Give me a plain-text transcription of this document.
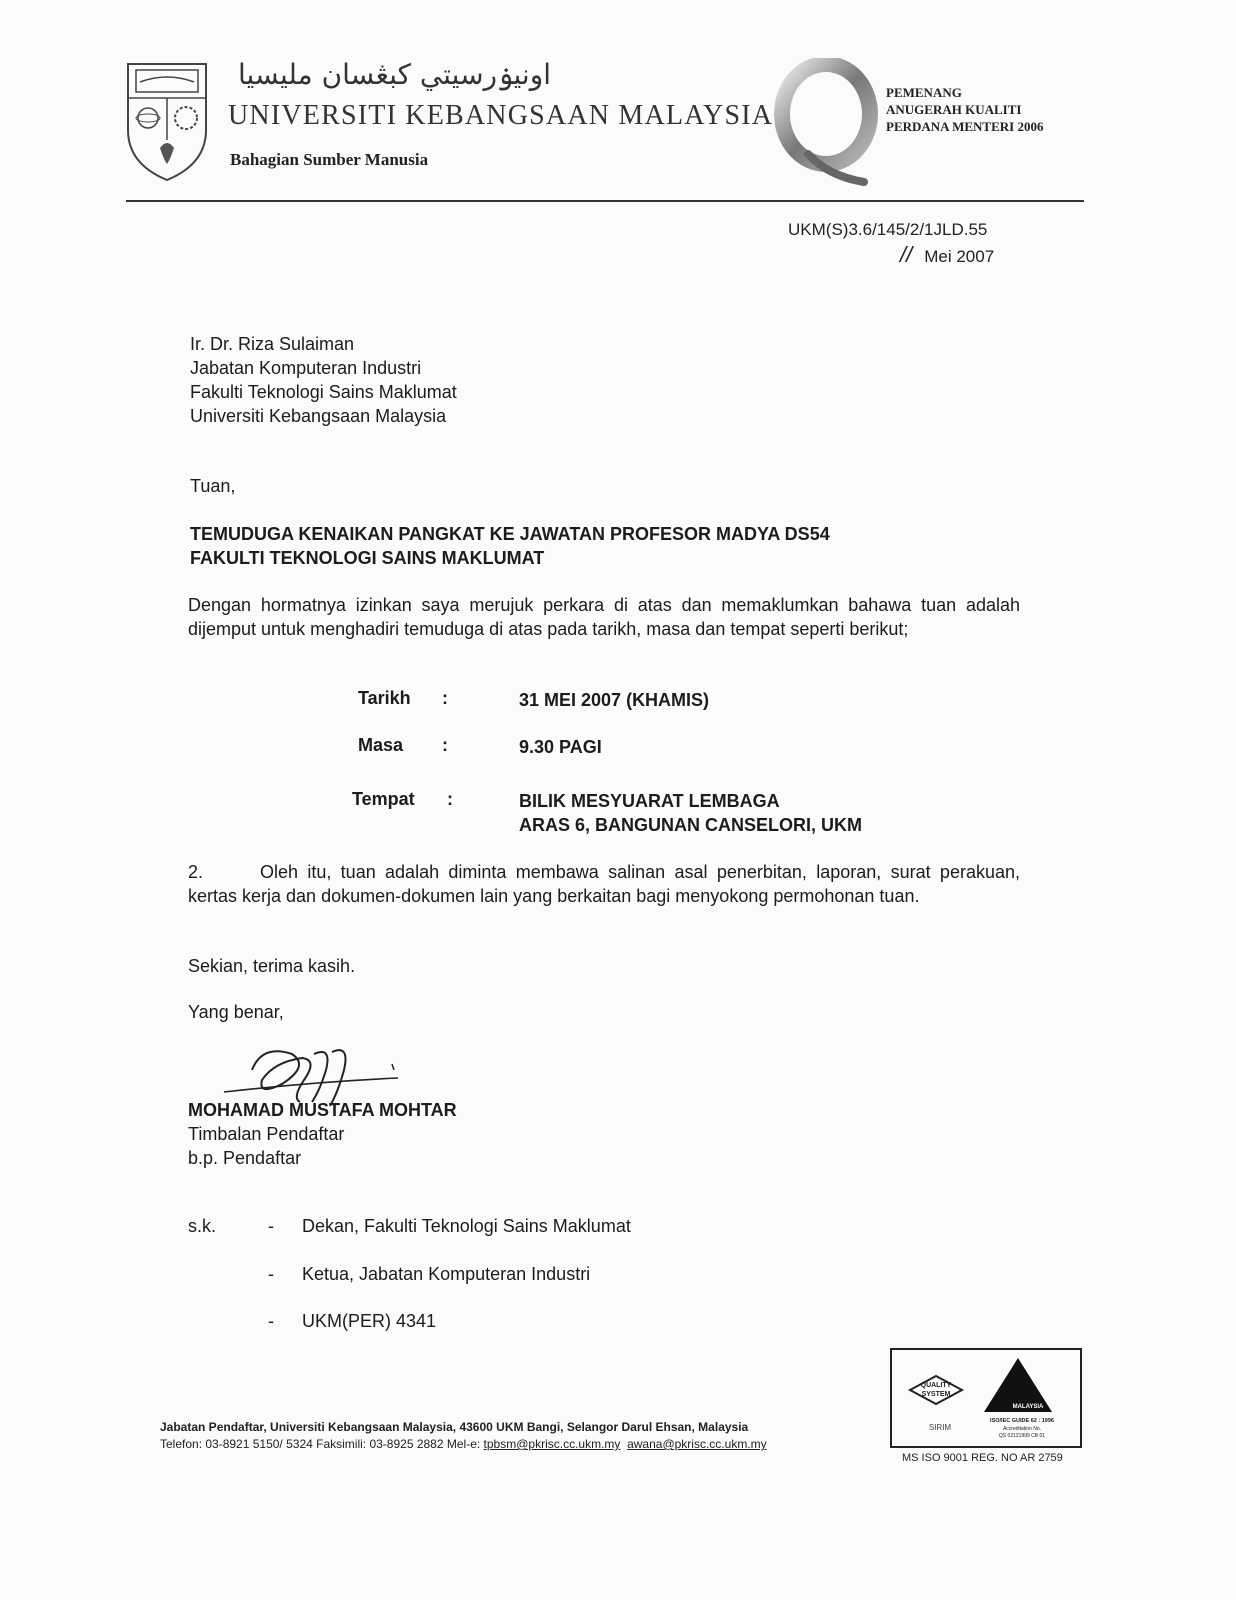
اونيۏرسيتي كبڠسا‌ن مليسيا
UNIVERSITI KEBANGSAAN MALAYSIA
Bahagian Sumber Manusia
PEMENANG
ANUGERAH KUALITI
PERDANA MENTERI 2006
UKM(S)3.6/145/2/1JLD.55
// Mei 2007
Ir. Dr. Riza Sulaiman
Jabatan Komputeran Industri
Fakulti Teknologi Sains Maklumat
Universiti Kebangsaan Malaysia
Tuan,
TEMUDUGA KENAIKAN PANGKAT KE JAWATAN PROFESOR MADYA DS54
FAKULTI TEKNOLOGI SAINS MAKLUMAT
Dengan hormatnya izinkan saya merujuk perkara di atas dan memaklumkan bahawa tuan adalah dijemput untuk menghadiri temuduga di atas pada tarikh, masa dan tempat seperti berikut;
Tarikh :	31 MEI 2007 (KHAMIS)
Masa :	9.30 PAGI
Tempat :	BILIK MESYUARAT LEMBAGA
ARAS 6, BANGUNAN CANSELORI, UKM
2.	Oleh itu, tuan adalah diminta membawa salinan asal penerbitan, laporan, surat perakuan, kertas kerja dan dokumen-dokumen lain yang berkaitan bagi menyokong permohonan tuan.
Sekian, terima kasih.
Yang benar,
MOHAMAD MUSTAFA MOHTAR
Timbalan Pendaftar
b.p. Pendaftar
s.k.	- Dekan, Fakulti Teknologi Sains Maklumat
- Ketua, Jabatan Komputeran Industri
- UKM(PER) 4341
Jabatan Pendaftar, Universiti Kebangsaan Malaysia, 43600 UKM Bangi, Selangor Darul Ehsan, Malaysia
Telefon: 03-8921 5150/ 5324 Faksimili: 03-8925 2882 Mel-e: tpbsm@pkrisc.cc.ukm.my awana@pkrisc.cc.ukm.my
QUALITY
SYSTEM
SIRIM
MALAYSIA
ISO/IEC GUIDE 62 : 1996
Accreditation No.
QS 02121999 CB 01
MS ISO 9001 REG. NO AR 2759
